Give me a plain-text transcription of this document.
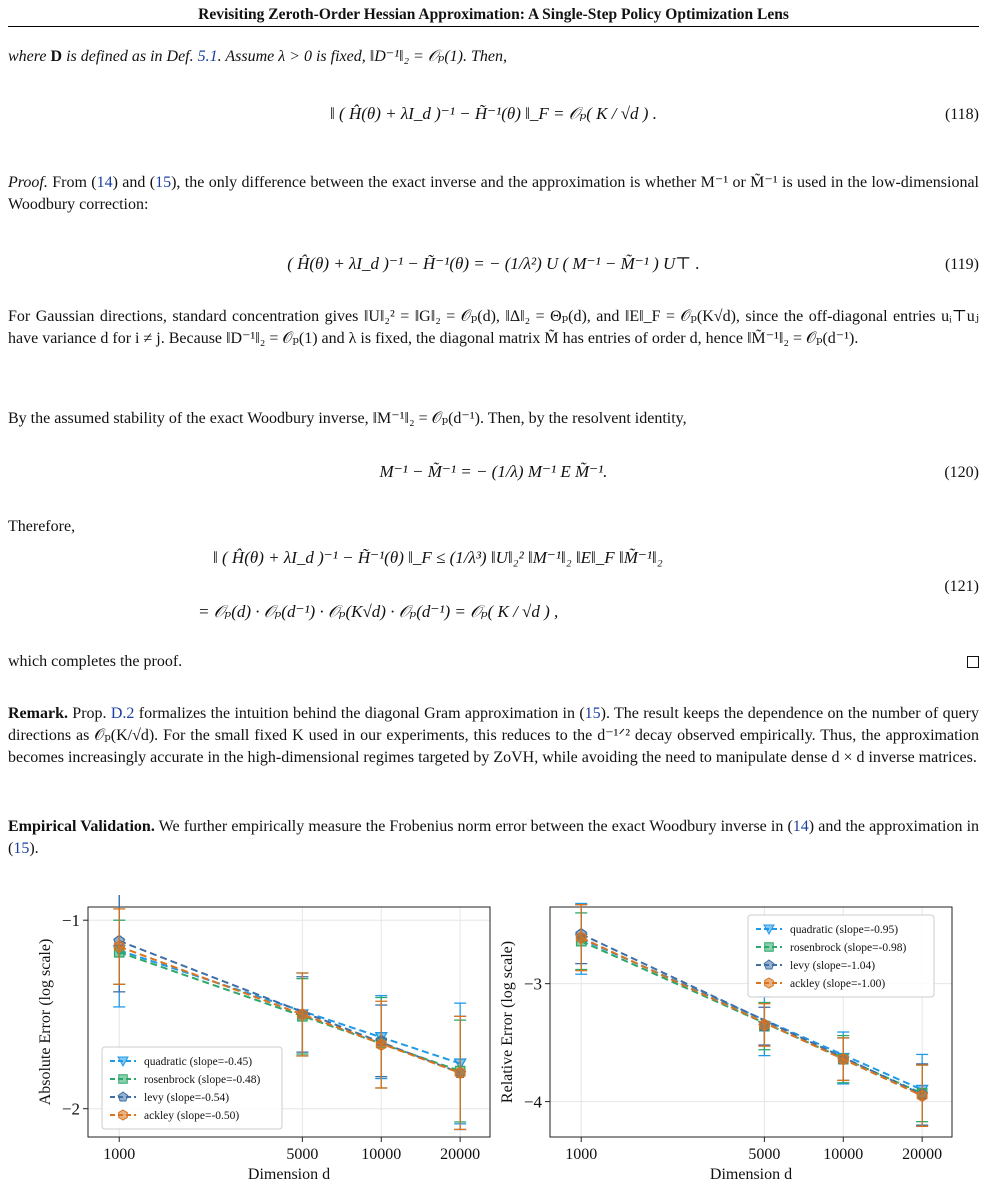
Revisiting Zeroth-Order Hessian Approximation: A Single-Step Policy Optimization Lens

where D is defined as in Def. 5.1. Assume λ > 0 is fixed, ‖D⁻¹‖₂ = 𝒪ₚ(1). Then,

‖ ( Ĥ(θ) + λI_d )⁻¹ − H̃⁻¹(θ) ‖_F = 𝒪ₚ( K / √d ) .	(118)

Proof. From (14) and (15), the only difference between the exact inverse and the approximation is whether M⁻¹ or M̃⁻¹ is used in the low-dimensional Woodbury correction:

( Ĥ(θ) + λI_d )⁻¹ − H̃⁻¹(θ) = − (1/λ²) U ( M⁻¹ − M̃⁻¹ ) U⊤ .	(119)

For Gaussian directions, standard concentration gives ‖U‖₂² = ‖G‖₂ = 𝒪ₚ(d), ‖Δ‖₂ = Θₚ(d), and ‖E‖_F = 𝒪ₚ(K√d), since the off-diagonal entries uᵢ⊤uⱼ have variance d for i ≠ j. Because ‖D⁻¹‖₂ = 𝒪ₚ(1) and λ is fixed, the diagonal matrix M̃ has entries of order d, hence ‖M̃⁻¹‖₂ = 𝒪ₚ(d⁻¹).

By the assumed stability of the exact Woodbury inverse, ‖M⁻¹‖₂ = 𝒪ₚ(d⁻¹). Then, by the resolvent identity,

M⁻¹ − M̃⁻¹ = − (1/λ) M⁻¹ E M̃⁻¹.	(120)

Therefore,

‖ ( Ĥ(θ) + λI_d )⁻¹ − H̃⁻¹(θ) ‖_F ≤ (1/λ³) ‖U‖₂² ‖M⁻¹‖₂ ‖E‖_F ‖M̃⁻¹‖₂
= 𝒪ₚ(d) · 𝒪ₚ(d⁻¹) · 𝒪ₚ(K√d) · 𝒪ₚ(d⁻¹) = 𝒪ₚ( K / √d ) ,
(121)

which completes the proof.

Remark. Prop. D.2 formalizes the intuition behind the diagonal Gram approximation in (15). The result keeps the dependence on the number of query directions as 𝒪ₚ(K/√d). For the small fixed K used in our experiments, this reduces to the d⁻¹ᐟ² decay observed empirically. Thus, the approximation becomes increasingly accurate in the high-dimensional regimes targeted by ZoVH, while avoiding the need to manipulate dense d × d inverse matrices.

Empirical Validation. We further empirically measure the Frobenius norm error between the exact Woodbury inverse in (14) and the approximation in (15).

1000	5000	10000 20000
−1
−2
Dimension d
Absolute Error (log scale)	quadratic (slope=-0.45)
rosenbrock (slope=-0.48)
levy (slope=-0.54)
ackley (slope=-0.50)
1000	5000	10000 20000
−3
−4
Dimension d
Relative Error (log scale)
quadratic (slope=-0.95)
rosenbrock (slope=-0.98)
levy (slope=-1.04)
ackley (slope=-1.00)
